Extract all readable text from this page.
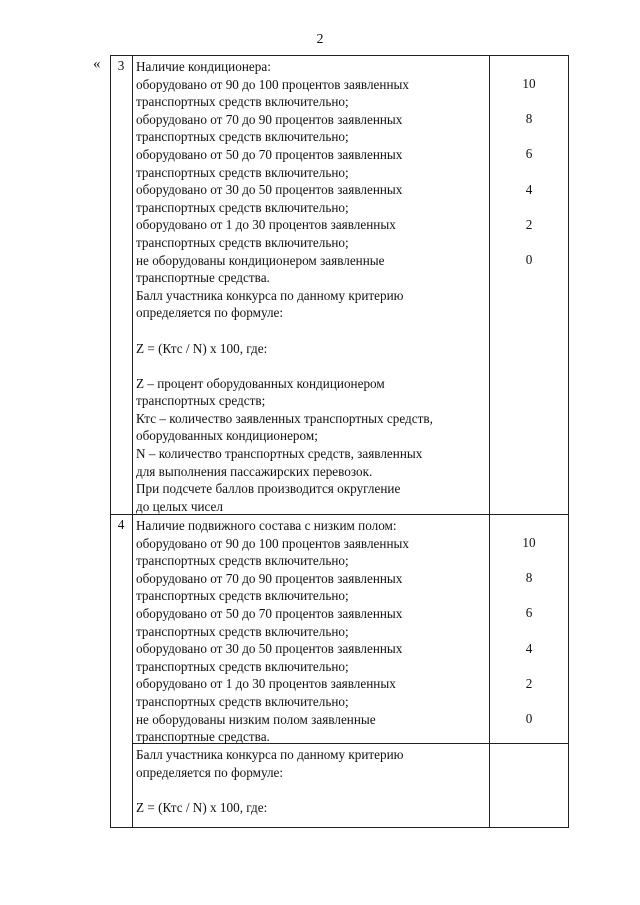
2
«	3 Наличие кондиционера:
оборудовано от 90 до 100 процентов заявленных
транспортных средств включительно;
оборудовано от 70 до 90 процентов заявленных
транспортных средств включительно;
оборудовано от 50 до 70 процентов заявленных
транспортных средств включительно;
оборудовано от 30 до 50 процентов заявленных
транспортных средств включительно;
оборудовано от 1 до 30 процентов заявленных
транспортных средств включительно;
не оборудованы кондиционером заявленные
транспортные средства.
Балл участника конкурса по данному критерию
определяется по формуле:
Z = (Ктс / N) x 100, где:
Z – процент оборудованных кондиционером
транспортных средств;
Ктс – количество заявленных транспортных средств,
оборудованных кондиционером;
N – количество транспортных средств, заявленных
для выполнения пассажирских перевозок.
При подсчете баллов производится округление
до целых чисел
10
8
6
4
2
0
4 Наличие подвижного состава с низким полом:
оборудовано от 90 до 100 процентов заявленных
транспортных средств включительно;
оборудовано от 70 до 90 процентов заявленных
транспортных средств включительно;
оборудовано от 50 до 70 процентов заявленных
транспортных средств включительно;
оборудовано от 30 до 50 процентов заявленных
транспортных средств включительно;
оборудовано от 1 до 30 процентов заявленных
транспортных средств включительно;
не оборудованы низким полом заявленные
транспортные средства.
10
8
6
4
2
0
Балл участника конкурса по данному критерию
определяется по формуле:
Z = (Ктс / N) x 100, где:
